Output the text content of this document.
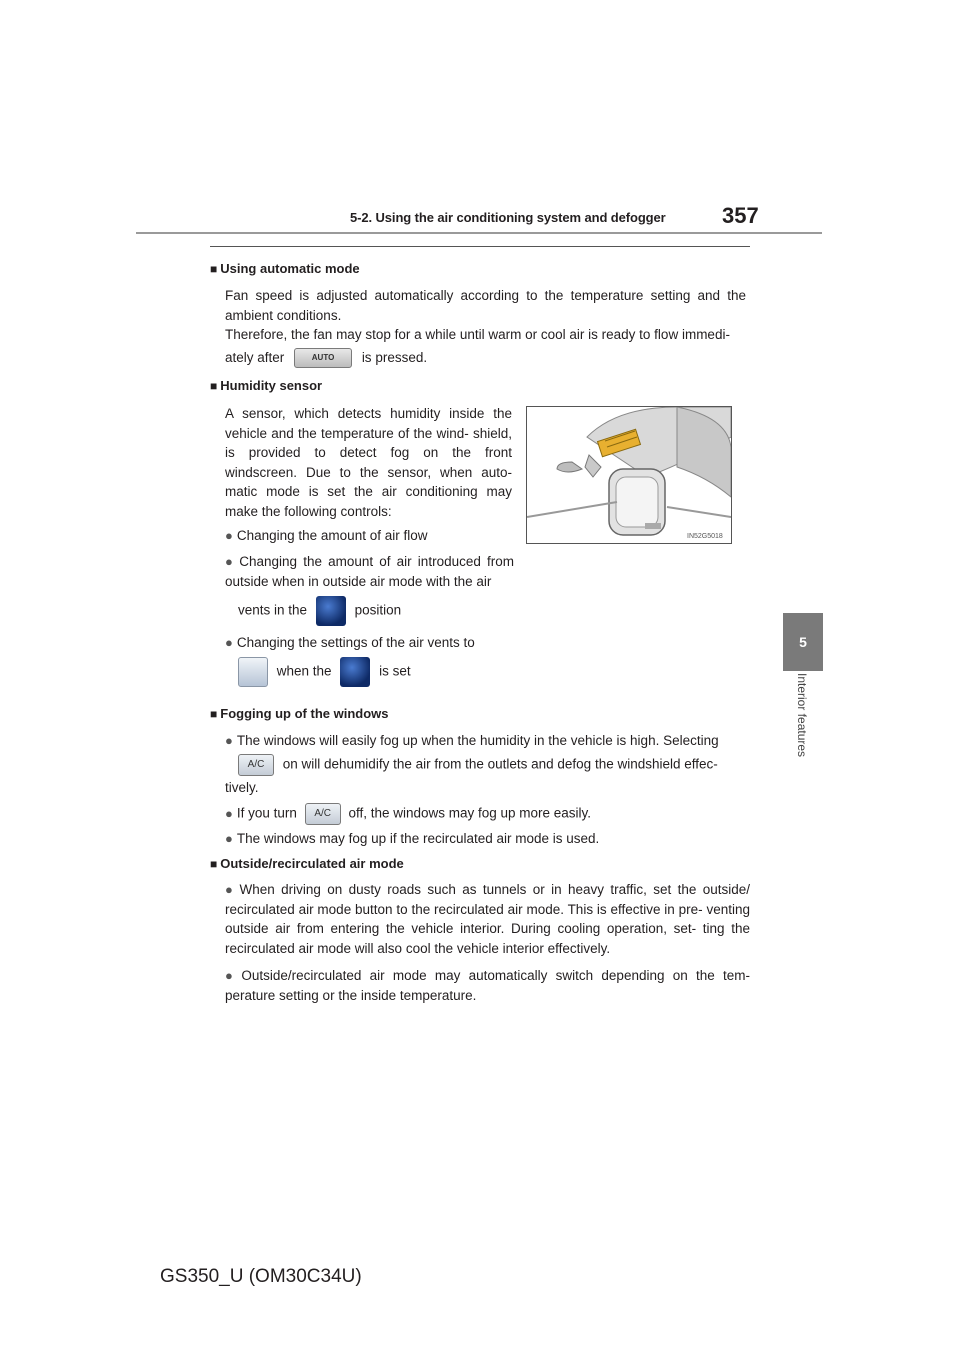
5-2. Using the air conditioning system and defogger	357
5
Interior features
■ Using automatic mode
Fan speed is adjusted automatically according to the temperature setting and the ambient conditions.
Therefore, the fan may stop for a while until warm or cool air is ready to flow immedi-
ately after	AUTO is pressed.
■ Humidity sensor
A sensor, which detects humidity inside the vehicle and the temperature of the wind- shield, is provided to detect fog on the front windscreen. Due to the sensor, when auto- matic mode is set the air conditioning may make the following controls:
● Changing the amount of air flow
● Changing the amount of air introduced from outside when in outside air mode with the air
vents in the	position
● Changing the settings of the air vents to
when the	is set
IN52G5018
■ Fogging up of the windows
● The windows will easily fog up when the humidity in the vehicle is high. Selecting
A/C on will dehumidify the air from the outlets and defog the windshield effec-
tively.
● If you turn A/C off, the windows may fog up more easily.
● The windows may fog up if the recirculated air mode is used.
■ Outside/recirculated air mode
● When driving on dusty roads such as tunnels or in heavy traffic, set the outside/ recirculated air mode button to the recirculated air mode. This is effective in pre- venting outside air from entering the vehicle interior. During cooling operation, set- ting the recirculated air mode will also cool the vehicle interior effectively.
● Outside/recirculated air mode may automatically switch depending on the tem- perature setting or the inside temperature.
GS350_U (OM30C34U)
